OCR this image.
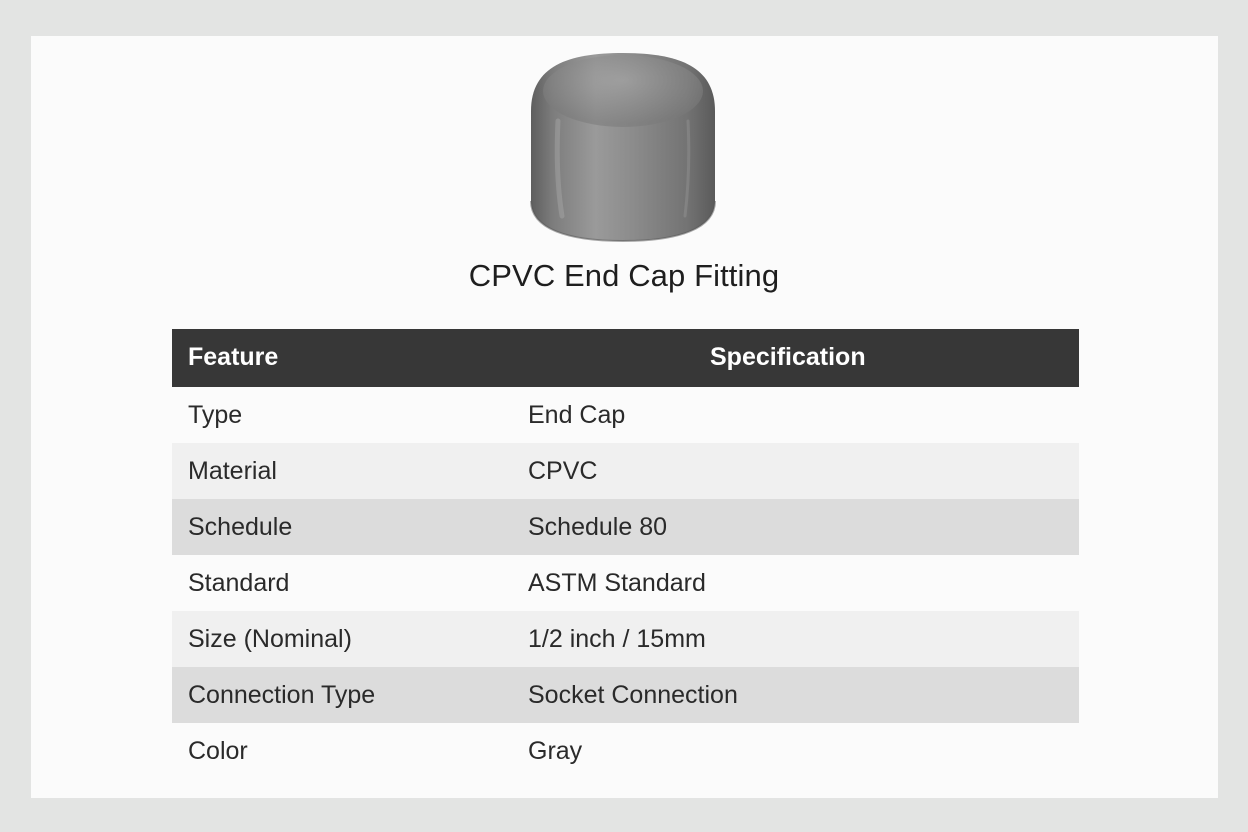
CPVC End Cap Fitting
Feature	Specification
Type	End Cap
Material	CPVC
Schedule	Schedule 80
Standard	ASTM Standard
Size (Nominal)	1/2 inch / 15mm
Connection Type	Socket Connection
Color	Gray
